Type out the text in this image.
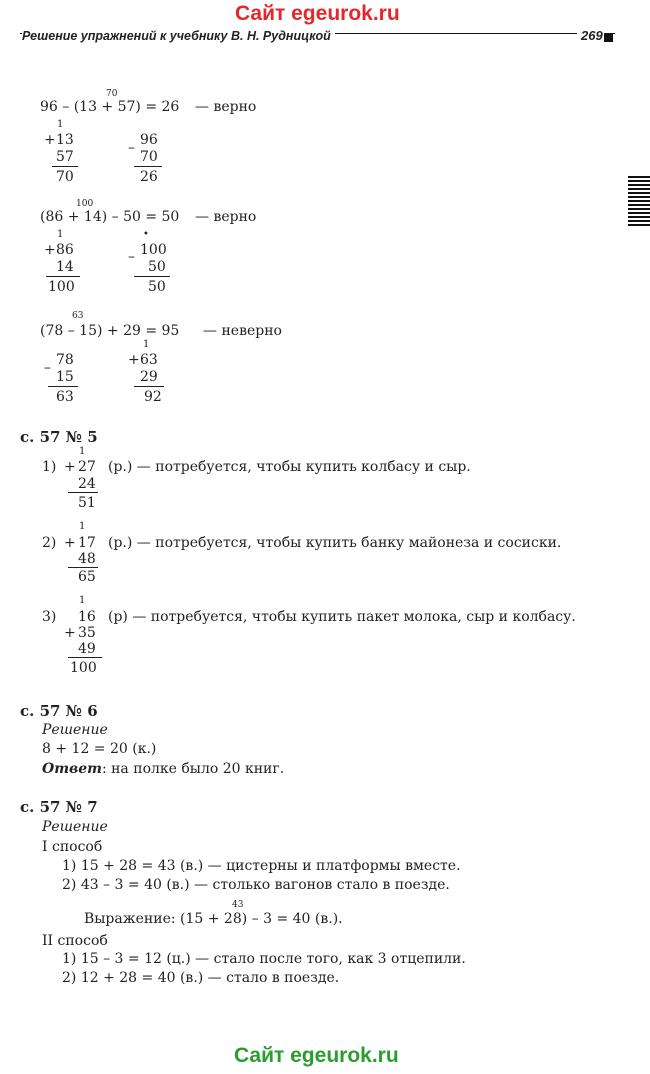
Сайт egeurok.ru
Решение упражнений к учебнику В. Н. Рудницкой	269
70
96 – (13 + 57) = 26 — верно
1
+ 13
57
70
– 96
70
26
100
(86 + 14) – 50 = 50 — верно
1
+ 86
14
100
•
– 100
50
50
63
(78 – 15) + 29 = 95 — неверно
– 78
15
63
1
+ 63
29
92
с. 57 № 5
1)
1
+ 27 (р.) — потребуется, чтобы купить колбасу и сыр.
24
51
2)
1
+ 17 (р.) — потребуется, чтобы купить банку майонеза и сосиски.
48
65
3)
1
16 (р) — потребуется, чтобы купить пакет молока, сыр и колбасу.
+ 35
49
100
с. 57 № 6
Решение
8 + 12 = 20 (к.)
Ответ: на полке было 20 книг.
с. 57 № 7
Решение
I способ
1) 15 + 28 = 43 (в.) — цистерны и платформы вместе.
2) 43 – 3 = 40 (в.) — столько вагонов стало в поезде.
43
Выражение: (15 + 28) – 3 = 40 (в.).
II способ
1) 15 – 3 = 12 (ц.) — стало после того, как 3 отцепили.
2) 12 + 28 = 40 (в.) — стало в поезде.
Сайт egeurok.ru
